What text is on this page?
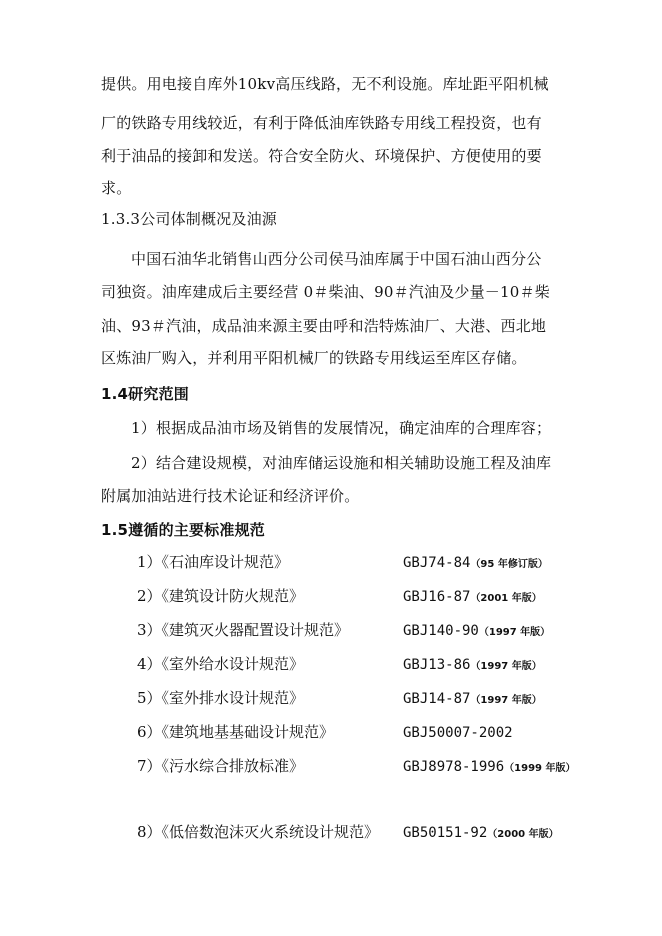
提供。用电接自库外10kv高压线路，无不利设施。库址距平阳机械
厂的铁路专用线较近，有利于降低油库铁路专用线工程投资，也有
利于油品的接卸和发送。符合安全防火、环境保护、方便使用的要
求。
1.3.3公司体制概况及油源
中国石油华北销售山西分公司侯马油库属于中国石油山西分公
司独资。油库建成后主要经营 0＃柴油、90＃汽油及少量－10＃柴
油、93＃汽油，成品油来源主要由呼和浩特炼油厂、大港、西北地
区炼油厂购入，并利用平阳机械厂的铁路专用线运至库区存储。
1.4研究范围
1）根据成品油市场及销售的发展情况，确定油库的合理库容；
2）结合建设规模，对油库储运设施和相关辅助设施工程及油库
附属加油站进行技术论证和经济评价。
1.5遵循的主要标准规范
1）《石油库设计规范》	GBJ74-84（95 年修订版）
2）《建筑设计防火规范》	GBJ16-87（2001 年版）
3）《建筑灭火器配置设计规范》	GBJ140-90（1997 年版）
4）《室外给水设计规范》	GBJ13-86（1997 年版）
5）《室外排水设计规范》	GBJ14-87（1997 年版）
6）《建筑地基基础设计规范》	GBJ50007-2002
7）《污水综合排放标准》	GBJ8978-1996（1999 年版）
8）《低倍数泡沫灭火系统设计规范》 GB50151-92（2000 年版）
